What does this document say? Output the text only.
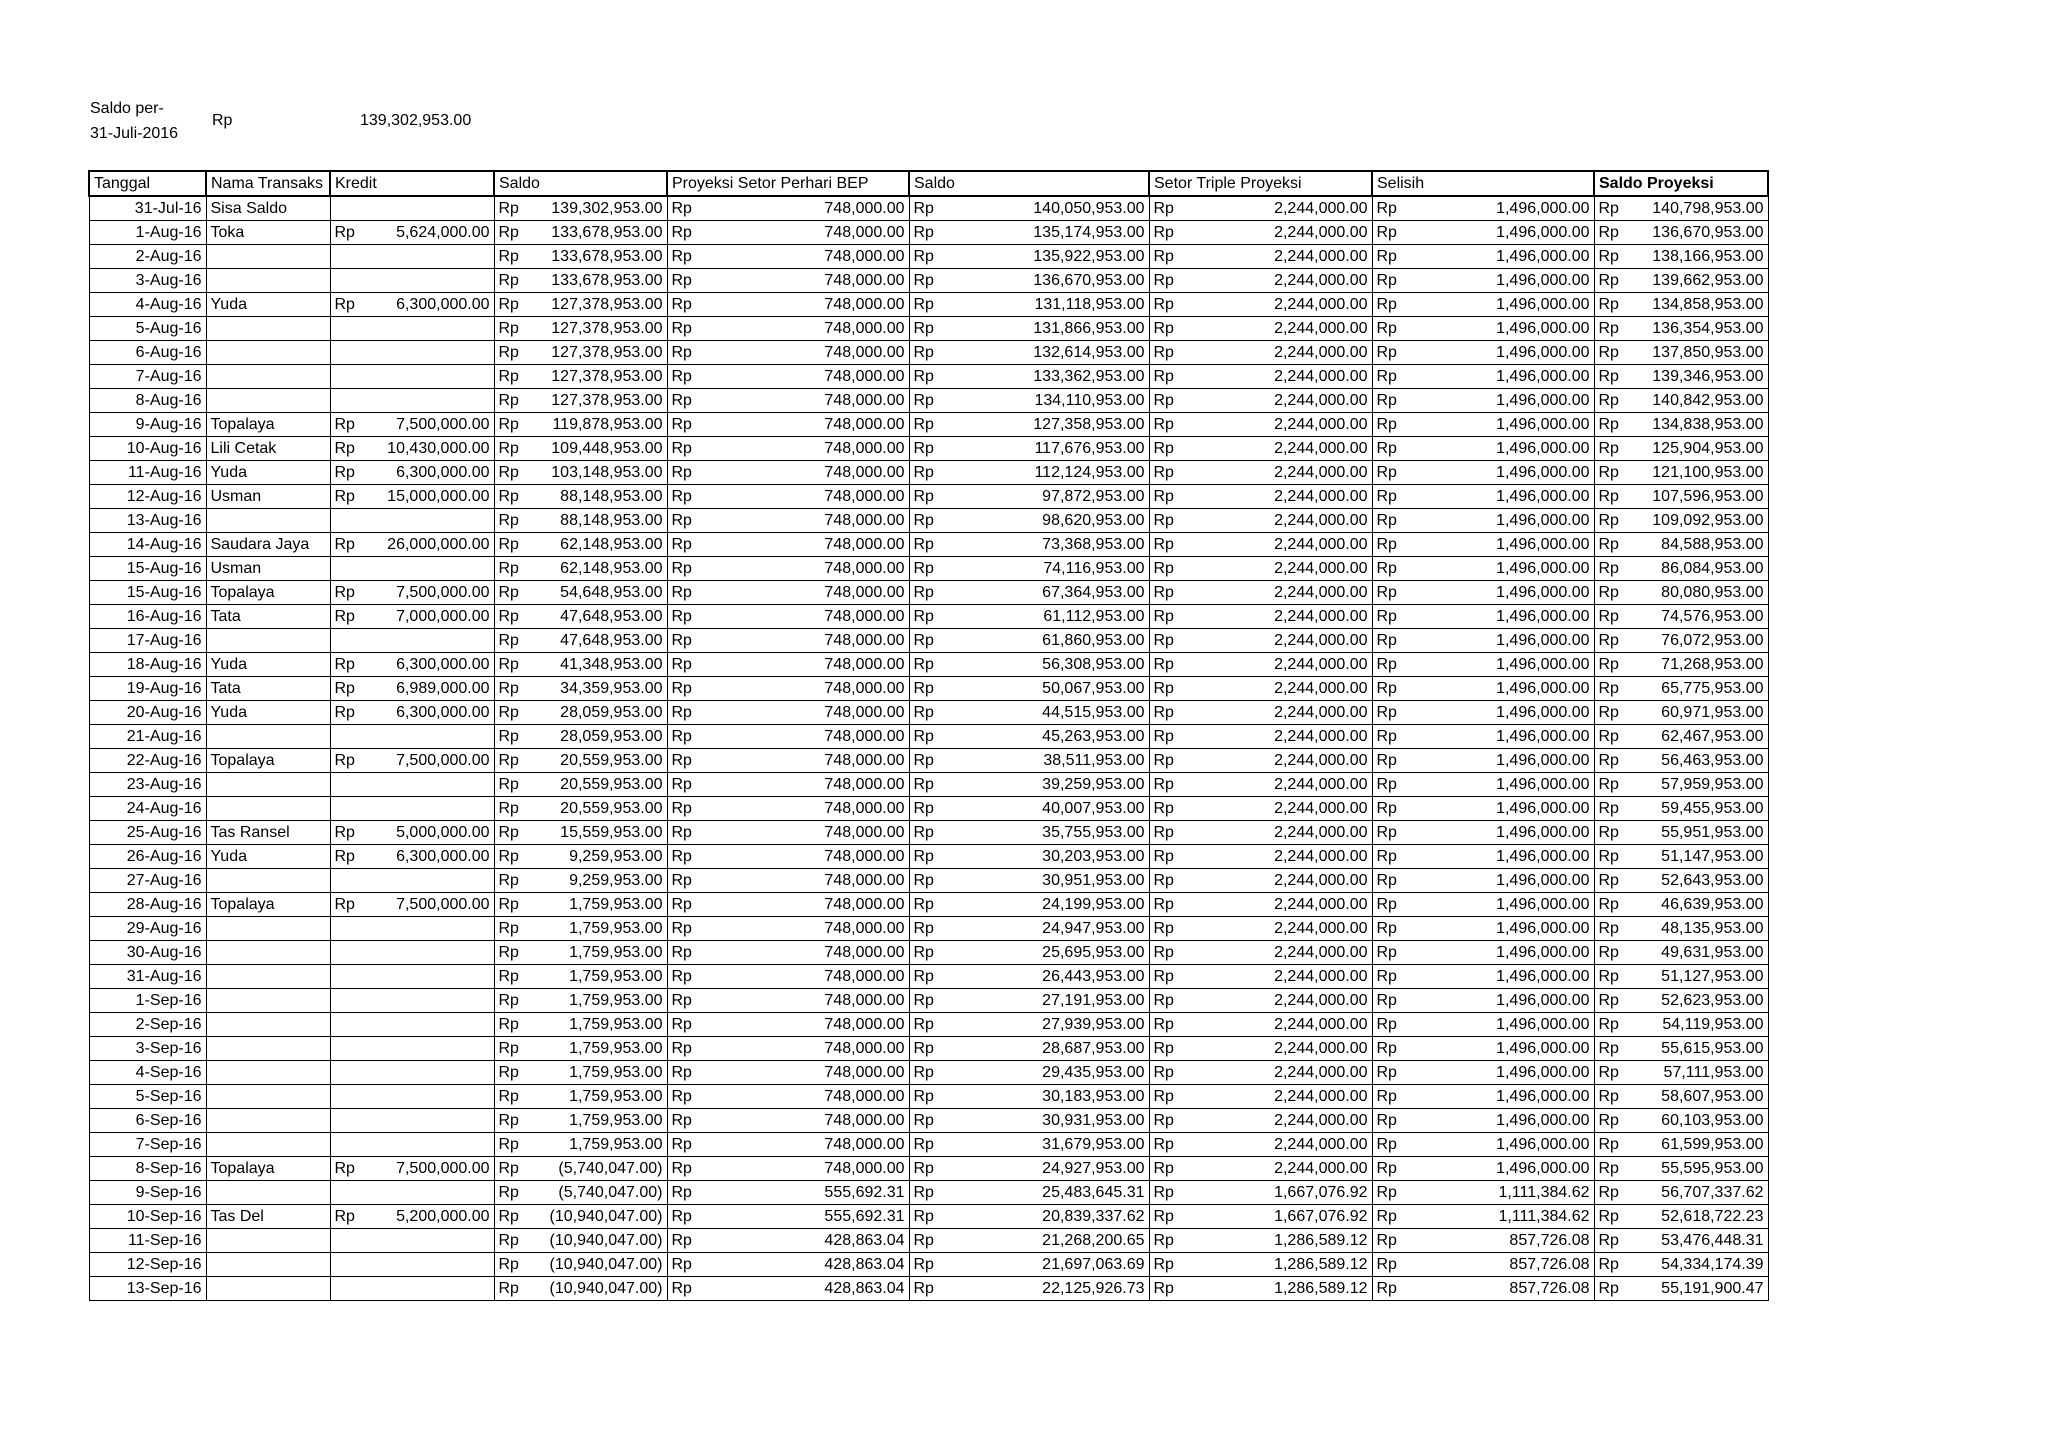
Saldo per-31-Juli-2016
Rp	139,302,953.00
Tanggal	Nama Transaks	Kredit	Saldo	Proyeksi Setor Perhari BEP	Saldo	Setor Triple Proyeksi	Selisih	Saldo Proyeksi
31-Jul-16	Sisa Saldo		Rp 139,302,953.00	Rp 748,000.00	Rp 140,050,953.00	Rp 2,244,000.00	Rp 1,496,000.00	Rp 140,798,953.00

1-Aug-16	Toka	Rp 5,624,000.00	Rp 133,678,953.00	Rp 748,000.00	Rp 135,174,953.00	Rp 2,244,000.00	Rp 1,496,000.00	Rp 136,670,953.00

2-Aug-16			Rp 133,678,953.00	Rp 748,000.00	Rp 135,922,953.00	Rp 2,244,000.00	Rp 1,496,000.00	Rp 138,166,953.00

3-Aug-16			Rp 133,678,953.00	Rp 748,000.00	Rp 136,670,953.00	Rp 2,244,000.00	Rp 1,496,000.00	Rp 139,662,953.00

4-Aug-16	Yuda	Rp 6,300,000.00	Rp 127,378,953.00	Rp 748,000.00	Rp 131,118,953.00	Rp 2,244,000.00	Rp 1,496,000.00	Rp 134,858,953.00

5-Aug-16			Rp 127,378,953.00	Rp 748,000.00	Rp 131,866,953.00	Rp 2,244,000.00	Rp 1,496,000.00	Rp 136,354,953.00

6-Aug-16			Rp 127,378,953.00	Rp 748,000.00	Rp 132,614,953.00	Rp 2,244,000.00	Rp 1,496,000.00	Rp 137,850,953.00

7-Aug-16			Rp 127,378,953.00	Rp 748,000.00	Rp 133,362,953.00	Rp 2,244,000.00	Rp 1,496,000.00	Rp 139,346,953.00

8-Aug-16			Rp 127,378,953.00	Rp 748,000.00	Rp 134,110,953.00	Rp 2,244,000.00	Rp 1,496,000.00	Rp 140,842,953.00

9-Aug-16	Topalaya	Rp 7,500,000.00	Rp 119,878,953.00	Rp 748,000.00	Rp 127,358,953.00	Rp 2,244,000.00	Rp 1,496,000.00	Rp 134,838,953.00

10-Aug-16	Lili Cetak	Rp 10,430,000.00	Rp 109,448,953.00	Rp 748,000.00	Rp 117,676,953.00	Rp 2,244,000.00	Rp 1,496,000.00	Rp 125,904,953.00

11-Aug-16	Yuda	Rp 6,300,000.00	Rp 103,148,953.00	Rp 748,000.00	Rp 112,124,953.00	Rp 2,244,000.00	Rp 1,496,000.00	Rp 121,100,953.00

12-Aug-16	Usman	Rp 15,000,000.00	Rp 88,148,953.00	Rp 748,000.00	Rp 97,872,953.00	Rp 2,244,000.00	Rp 1,496,000.00	Rp 107,596,953.00

13-Aug-16			Rp 88,148,953.00	Rp 748,000.00	Rp 98,620,953.00	Rp 2,244,000.00	Rp 1,496,000.00	Rp 109,092,953.00

14-Aug-16	Saudara Jaya	Rp 26,000,000.00	Rp 62,148,953.00	Rp 748,000.00	Rp 73,368,953.00	Rp 2,244,000.00	Rp 1,496,000.00	Rp 84,588,953.00

15-Aug-16	Usman		Rp 62,148,953.00	Rp 748,000.00	Rp 74,116,953.00	Rp 2,244,000.00	Rp 1,496,000.00	Rp 86,084,953.00

15-Aug-16	Topalaya	Rp 7,500,000.00	Rp 54,648,953.00	Rp 748,000.00	Rp 67,364,953.00	Rp 2,244,000.00	Rp 1,496,000.00	Rp 80,080,953.00

16-Aug-16	Tata	Rp 7,000,000.00	Rp 47,648,953.00	Rp 748,000.00	Rp 61,112,953.00	Rp 2,244,000.00	Rp 1,496,000.00	Rp 74,576,953.00

17-Aug-16			Rp 47,648,953.00	Rp 748,000.00	Rp 61,860,953.00	Rp 2,244,000.00	Rp 1,496,000.00	Rp 76,072,953.00

18-Aug-16	Yuda	Rp 6,300,000.00	Rp 41,348,953.00	Rp 748,000.00	Rp 56,308,953.00	Rp 2,244,000.00	Rp 1,496,000.00	Rp 71,268,953.00

19-Aug-16	Tata	Rp 6,989,000.00	Rp 34,359,953.00	Rp 748,000.00	Rp 50,067,953.00	Rp 2,244,000.00	Rp 1,496,000.00	Rp 65,775,953.00

20-Aug-16	Yuda	Rp 6,300,000.00	Rp 28,059,953.00	Rp 748,000.00	Rp 44,515,953.00	Rp 2,244,000.00	Rp 1,496,000.00	Rp 60,971,953.00

21-Aug-16			Rp 28,059,953.00	Rp 748,000.00	Rp 45,263,953.00	Rp 2,244,000.00	Rp 1,496,000.00	Rp 62,467,953.00

22-Aug-16	Topalaya	Rp 7,500,000.00	Rp 20,559,953.00	Rp 748,000.00	Rp 38,511,953.00	Rp 2,244,000.00	Rp 1,496,000.00	Rp 56,463,953.00

23-Aug-16			Rp 20,559,953.00	Rp 748,000.00	Rp 39,259,953.00	Rp 2,244,000.00	Rp 1,496,000.00	Rp 57,959,953.00

24-Aug-16			Rp 20,559,953.00	Rp 748,000.00	Rp 40,007,953.00	Rp 2,244,000.00	Rp 1,496,000.00	Rp 59,455,953.00

25-Aug-16	Tas Ransel	Rp 5,000,000.00	Rp 15,559,953.00	Rp 748,000.00	Rp 35,755,953.00	Rp 2,244,000.00	Rp 1,496,000.00	Rp 55,951,953.00

26-Aug-16	Yuda	Rp 6,300,000.00	Rp 9,259,953.00	Rp 748,000.00	Rp 30,203,953.00	Rp 2,244,000.00	Rp 1,496,000.00	Rp 51,147,953.00

27-Aug-16			Rp 9,259,953.00	Rp 748,000.00	Rp 30,951,953.00	Rp 2,244,000.00	Rp 1,496,000.00	Rp 52,643,953.00

28-Aug-16	Topalaya	Rp 7,500,000.00	Rp 1,759,953.00	Rp 748,000.00	Rp 24,199,953.00	Rp 2,244,000.00	Rp 1,496,000.00	Rp 46,639,953.00

29-Aug-16			Rp 1,759,953.00	Rp 748,000.00	Rp 24,947,953.00	Rp 2,244,000.00	Rp 1,496,000.00	Rp 48,135,953.00

30-Aug-16			Rp 1,759,953.00	Rp 748,000.00	Rp 25,695,953.00	Rp 2,244,000.00	Rp 1,496,000.00	Rp 49,631,953.00

31-Aug-16			Rp 1,759,953.00	Rp 748,000.00	Rp 26,443,953.00	Rp 2,244,000.00	Rp 1,496,000.00	Rp 51,127,953.00

1-Sep-16			Rp 1,759,953.00	Rp 748,000.00	Rp 27,191,953.00	Rp 2,244,000.00	Rp 1,496,000.00	Rp 52,623,953.00

2-Sep-16			Rp 1,759,953.00	Rp 748,000.00	Rp 27,939,953.00	Rp 2,244,000.00	Rp 1,496,000.00	Rp 54,119,953.00

3-Sep-16			Rp 1,759,953.00	Rp 748,000.00	Rp 28,687,953.00	Rp 2,244,000.00	Rp 1,496,000.00	Rp 55,615,953.00

4-Sep-16			Rp 1,759,953.00	Rp 748,000.00	Rp 29,435,953.00	Rp 2,244,000.00	Rp 1,496,000.00	Rp 57,111,953.00

5-Sep-16			Rp 1,759,953.00	Rp 748,000.00	Rp 30,183,953.00	Rp 2,244,000.00	Rp 1,496,000.00	Rp 58,607,953.00

6-Sep-16			Rp 1,759,953.00	Rp 748,000.00	Rp 30,931,953.00	Rp 2,244,000.00	Rp 1,496,000.00	Rp 60,103,953.00

7-Sep-16			Rp 1,759,953.00	Rp 748,000.00	Rp 31,679,953.00	Rp 2,244,000.00	Rp 1,496,000.00	Rp 61,599,953.00

8-Sep-16	Topalaya	Rp 7,500,000.00	Rp (5,740,047.00)	Rp 748,000.00	Rp 24,927,953.00	Rp 2,244,000.00	Rp 1,496,000.00	Rp 55,595,953.00

9-Sep-16			Rp (5,740,047.00)	Rp 555,692.31	Rp 25,483,645.31	Rp 1,667,076.92	Rp 1,111,384.62	Rp 56,707,337.62

10-Sep-16	Tas Del	Rp 5,200,000.00	Rp (10,940,047.00)	Rp 555,692.31	Rp 20,839,337.62	Rp 1,667,076.92	Rp 1,111,384.62	Rp 52,618,722.23

11-Sep-16			Rp (10,940,047.00)	Rp 428,863.04	Rp 21,268,200.65	Rp 1,286,589.12	Rp 857,726.08	Rp 53,476,448.31

12-Sep-16			Rp (10,940,047.00)	Rp 428,863.04	Rp 21,697,063.69	Rp 1,286,589.12	Rp 857,726.08	Rp 54,334,174.39

13-Sep-16			Rp (10,940,047.00)	Rp 428,863.04	Rp 22,125,926.73	Rp 1,286,589.12	Rp 857,726.08	Rp 55,191,900.47
